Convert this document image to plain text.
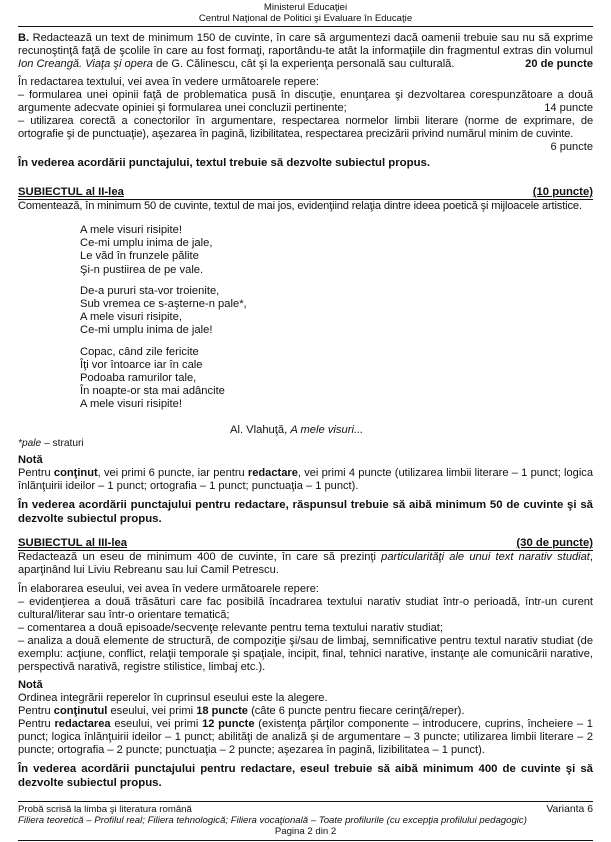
Ministerul Educaţiei
Centrul Naţional de Politici şi Evaluare în Educaţie

B. Redactează un text de minimum 150 de cuvinte, în care să argumentezi dacă oamenii trebuie sau nu să exprime recunoştinţă faţă de şcolile în care au fost formaţi, raportându-te atât la informaţiile din fragmentul extras din volumul Ion Creangă. Viaţa şi opera de G. Călinescu, cât şi la experienţa personală sau culturală.	20 de puncte

În redactarea textului, vei avea în vedere următoarele repere:

– formularea unei opinii faţă de problematica pusă în discuţie, enunţarea şi dezvoltarea corespunzătoare a două argumente adecvate opiniei şi formularea unei concluzii pertinente;	14 puncte

– utilizarea corectă a conectorilor în argumentare, respectarea normelor limbii literare (norme de exprimare, de ortografie şi de punctuaţie), aşezarea în pagină, lizibilitatea, respectarea precizării privind numărul minim de cuvinte.

6 puncte

În vederea acordării punctajului, textul trebuie să dezvolte subiectul propus.

SUBIECTUL al II-lea	(10 puncte)

Comentează, în minimum 50 de cuvinte, textul de mai jos, evidenţiind relaţia dintre ideea poetică şi mijloacele artistice.

A mele visuri risipite!
Ce-mi umplu inima de jale,
Le văd în frunzele pălite
Şi-n pustiirea de pe vale.
De-a pururi sta-vor troienite,
Sub vremea ce s-aşterne-n pale*,
A mele visuri risipite,
Ce-mi umplu inima de jale!
Copac, când zile fericite
Îţi vor întoarce iar în cale
Podoaba ramurilor tale,
În noapte-or sta mai adâncite
A mele visuri risipite!
Al. Vlahuţă, A mele visuri...
*pale – straturi

Notă

Pentru conţinut, vei primi 6 puncte, iar pentru redactare, vei primi 4 puncte (utilizarea limbii literare – 1 punct; logica înlănţuirii ideilor – 1 punct; ortografia – 1 punct; punctuaţia – 1 punct).

În vederea acordării punctajului pentru redactare, răspunsul trebuie să aibă minimum 50 de cuvinte şi să dezvolte subiectul propus.

SUBIECTUL al III-lea	(30 de puncte)

Redactează un eseu de minimum 400 de cuvinte, în care să prezinţi particularităţi ale unui text narativ studiat, aparţinând lui Liviu Rebreanu sau lui Camil Petrescu.

În elaborarea eseului, vei avea în vedere următoarele repere:

– evidenţierea a două trăsături care fac posibilă încadrarea textului narativ studiat într-o perioadă, într-un curent cultural/literar sau într-o orientare tematică;

– comentarea a două episoade/secvenţe relevante pentru tema textului narativ studiat;

– analiza a două elemente de structură, de compoziţie şi/sau de limbaj, semnificative pentru textul narativ studiat (de exemplu: acţiune, conflict, relaţii temporale şi spaţiale, incipit, final, tehnici narative, instanţe ale comunicării narative, perspectivă narativă, registre stilistice, limbaj etc.).

Notă

Ordinea integrării reperelor în cuprinsul eseului este la alegere.

Pentru conţinutul eseului, vei primi 18 puncte (câte 6 puncte pentru fiecare cerinţă/reper).

Pentru redactarea eseului, vei primi 12 puncte (existenţa părţilor componente – introducere, cuprins, încheiere – 1 punct; logica înlănţuirii ideilor – 1 punct; abilităţi de analiză şi de argumentare – 3 puncte; utilizarea limbii literare – 2 puncte; ortografia – 2 puncte; punctuaţia – 2 puncte; aşezarea în pagină, lizibilitatea – 1 punct).

În vederea acordării punctajului pentru redactare, eseul trebuie să aibă minimum 400 de cuvinte şi să dezvolte subiectul propus.

Probă scrisă la limba şi literatura română	Varianta 6
Filiera teoretică – Profilul real; Filiera tehnologică; Filiera vocaţională – Toate profilurile (cu excepţia profilului pedagogic)
Pagina 2 din 2
